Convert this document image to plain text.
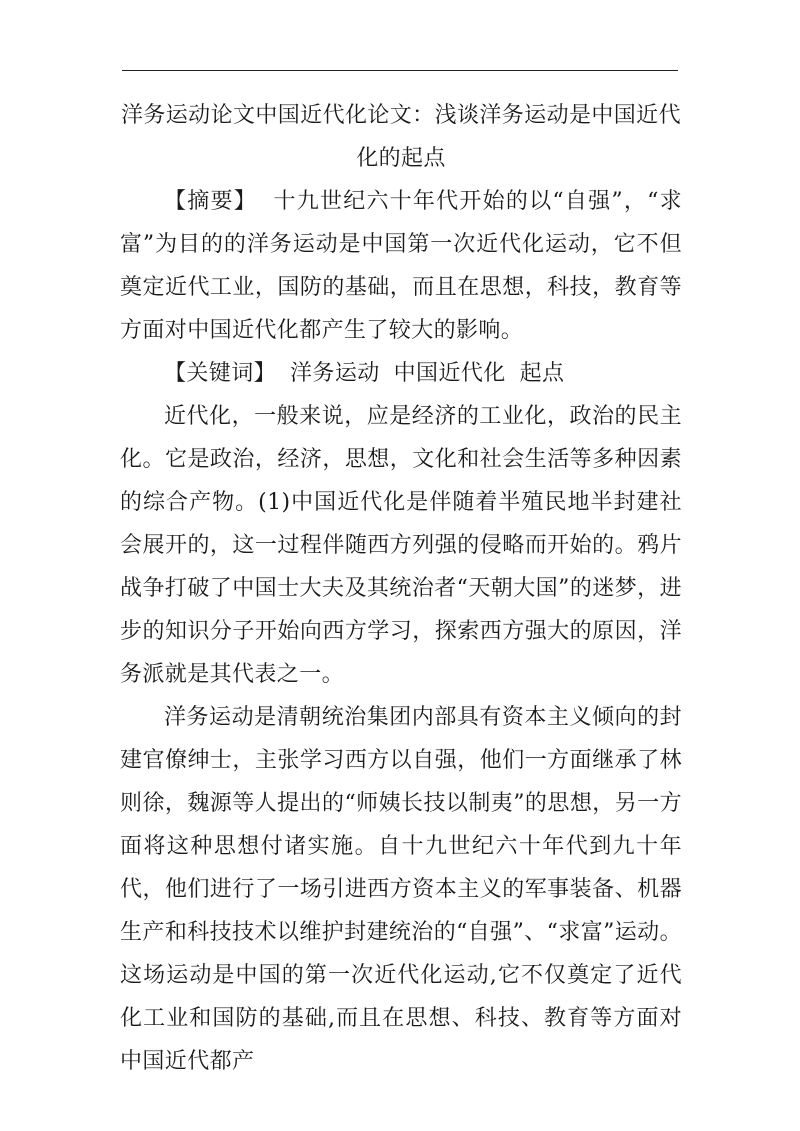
洋务运动论文中国近代化论文：浅谈洋务运动是中国近代化的起点

【摘要】 十九世纪六十年代开始的以“自强”，“求富”为目的的洋务运动是中国第一次近代化运动，它不但奠定近代工业，国防的基础，而且在思想，科技，教育等方面对中国近代化都产生了较大的影响。

【关键词】 洋务运动 中国近代化 起点

近代化，一般来说，应是经济的工业化，政治的民主化。它是政治，经济，思想，文化和社会生活等多种因素的综合产物。(1)中国近代化是伴随着半殖民地半封建社会展开的，这一过程伴随西方列强的侵略而开始的。鸦片战争打破了中国士大夫及其统治者“天朝大国”的迷梦，进步的知识分子开始向西方学习，探索西方强大的原因，洋务派就是其代表之一。

洋务运动是清朝统治集团内部具有资本主义倾向的封建官僚绅士，主张学习西方以自强，他们一方面继承了林则徐，魏源等人提出的“师姨长技以制夷”的思想，另一方面将这种思想付诸实施。自十九世纪六十年代到九十年代，他们进行了一场引进西方资本主义的军事装备、机器生产和科技技术以维护封建统治的“自强”、“求富”运动。这场运动是中国的第一次近代化运动,它不仅奠定了近代化工业和国防的基础,而且在思想、科技、教育等方面对中国近代都产
